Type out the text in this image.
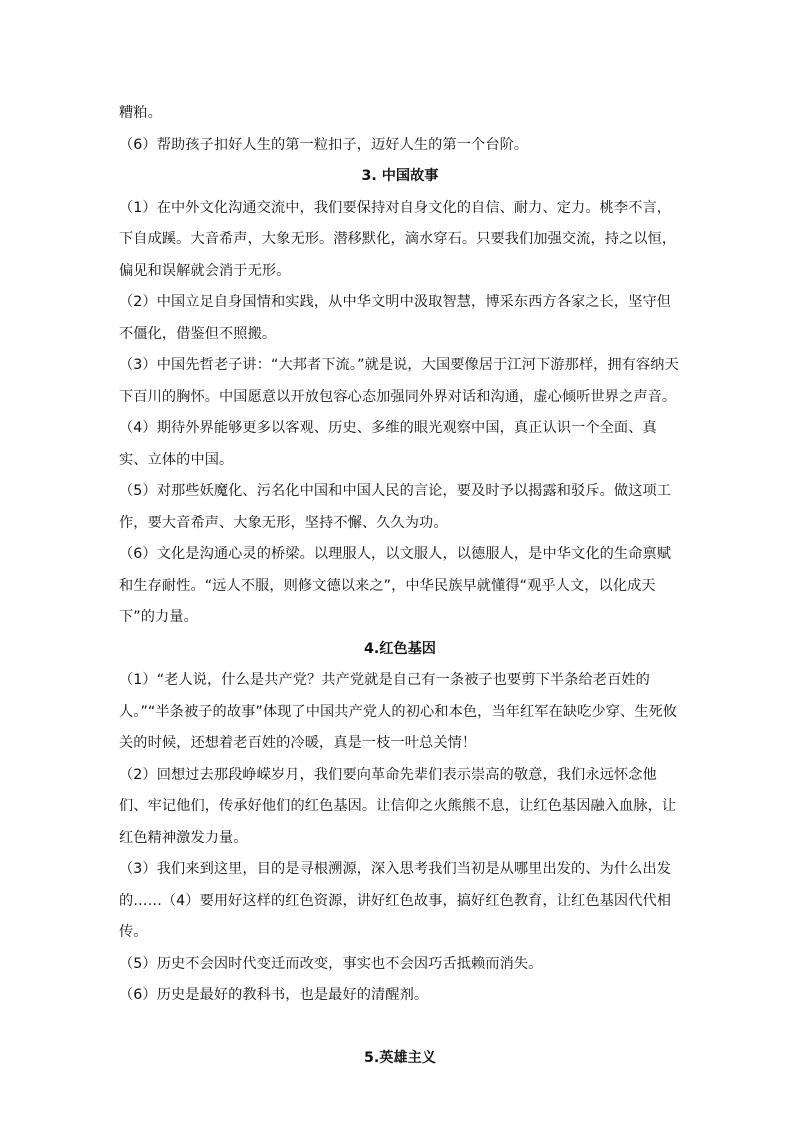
糟粕。

（6）帮助孩子扣好人生的第一粒扣子，迈好人生的第一个台阶。

3. 中国故事

（1）在中外文化沟通交流中，我们要保持对自身文化的自信、耐力、定力。桃李不言，下自成蹊。大音希声，大象无形。潜移默化，滴水穿石。只要我们加强交流，持之以恒，偏见和误解就会消于无形。

（2）中国立足自身国情和实践，从中华文明中汲取智慧，博采东西方各家之长，坚守但不僵化，借鉴但不照搬。

（3）中国先哲老子讲：“大邦者下流。”就是说，大国要像居于江河下游那样，拥有容纳天下百川的胸怀。中国愿意以开放包容心态加强同外界对话和沟通，虚心倾听世界之声音。

（4）期待外界能够更多以客观、历史、多维的眼光观察中国，真正认识一个全面、真实、立体的中国。

（5）对那些妖魔化、污名化中国和中国人民的言论，要及时予以揭露和驳斥。做这项工作，要大音希声、大象无形，坚持不懈、久久为功。

（6）文化是沟通心灵的桥梁。以理服人，以文服人，以德服人，是中华文化的生命禀赋和生存耐性。“远人不服，则修文德以来之”，中华民族早就懂得“观乎人文，以化成天下”的力量。

4.红色基因

（1）“老人说，什么是共产党？共产党就是自己有一条被子也要剪下半条给老百姓的人。”“半条被子的故事”体现了中国共产党人的初心和本色，当年红军在缺吃少穿、生死攸关的时候，还想着老百姓的冷暖，真是一枝一叶总关情！

（2）回想过去那段峥嵘岁月，我们要向革命先辈们表示崇高的敬意，我们永远怀念他们、牢记他们，传承好他们的红色基因。让信仰之火熊熊不息，让红色基因融入血脉，让红色精神激发力量。

（3）我们来到这里，目的是寻根溯源，深入思考我们当初是从哪里出发的、为什么出发的……（4）要用好这样的红色资源，讲好红色故事，搞好红色教育，让红色基因代代相传。

（5）历史不会因时代变迁而改变，事实也不会因巧舌抵赖而消失。

（6）历史是最好的教科书，也是最好的清醒剂。

5.英雄主义
